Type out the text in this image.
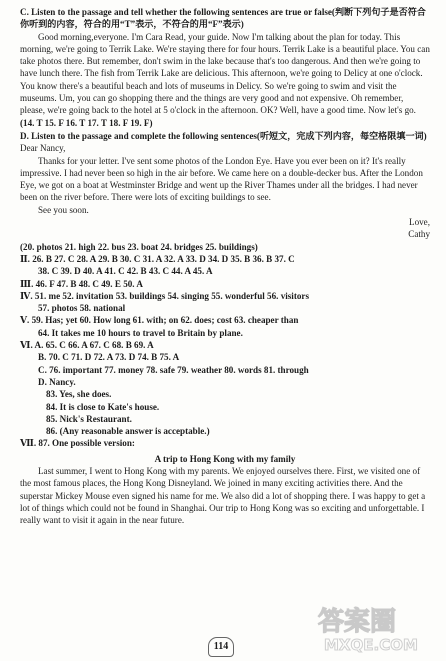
C. Listen to the passage and tell whether the following sentences are true or false(判断下列句子是否符合你听到的内容，符合的用“T”表示，不符合的用“F”表示)

Good morning,everyone. I'm Cara Read, your guide. Now I'm talking about the plan for today. This morning, we're going to Terrik Lake. We're staying there for four hours. Terrik Lake is a beautiful place. You can take photos there. But remember, don't swim in the lake because that's too dangerous. And then we're going to have lunch there. The fish from Terrik Lake are delicious. This afternoon, we're going to Delicy at one o'clock. You know there's a beautiful beach and lots of museums in Delicy. So we're going to swim and visit the museums. Um, you can go shopping there and the things are very good and not expensive. Oh remember, please, we're going back to the hotel at 5 o'clock in the afternoon. OK? Well, have a good time. Now let's go.

(14. T 15. F 16. T 17. T 18. F 19. F)

D. Listen to the passage and complete the following sentences(听短文，完成下列内容，每空格限填一词)

Dear Nancy,

Thanks for your letter. I've sent some photos of the London Eye. Have you ever been on it? It's really impressive. I had never been so high in the air before. We came here on a double-decker bus. After the London Eye, we got on a boat at Westminster Bridge and went up the River Thames under all the bridges. I had never been on the river before. There were lots of exciting buildings to see.

See you soon.

Love,

Cathy

(20. photos 21. high 22. bus 23. boat 24. bridges 25. buildings)

Ⅱ. 26. B 27. C 28. A 29. B 30. C 31. A 32. A 33. D 34. D 35. B 36. B 37. C

38. C 39. D 40. A 41. C 42. B 43. C 44. A 45. A

Ⅲ. 46. F 47. B 48. C 49. E 50. A

Ⅳ. 51. me 52. invitation 53. buildings 54. singing 55. wonderful 56. visitors

57. photos 58. national

Ⅴ. 59. Has; yet 60. How long 61. with; on 62. does; cost 63. cheaper than

64. It takes me 10 hours to travel to Britain by plane.

Ⅵ. A. 65. C 66. A 67. C 68. B 69. A

B. 70. C 71. D 72. A 73. D 74. B 75. A

C. 76. important 77. money 78. safe 79. weather 80. words 81. through

D. Nancy.

83. Yes, she does.

84. It is close to Kate's house.

85. Nick's Restaurant.

86. (Any reasonable answer is acceptable.)

Ⅶ. 87. One possible version:

A trip to Hong Kong with my family

Last summer, I went to Hong Kong with my parents. We enjoyed ourselves there. First, we visited one of the most famous places, the Hong Kong Disneyland. We joined in many exciting activities there. And the superstar Mickey Mouse even signed his name for me. We also did a lot of shopping there. I was happy to get a lot of things which could not be found in Shanghai. Our trip to Hong Kong was so exciting and unforgettable. I really want to visit it again in the near future.

114
答案圈
MXQE.COM
